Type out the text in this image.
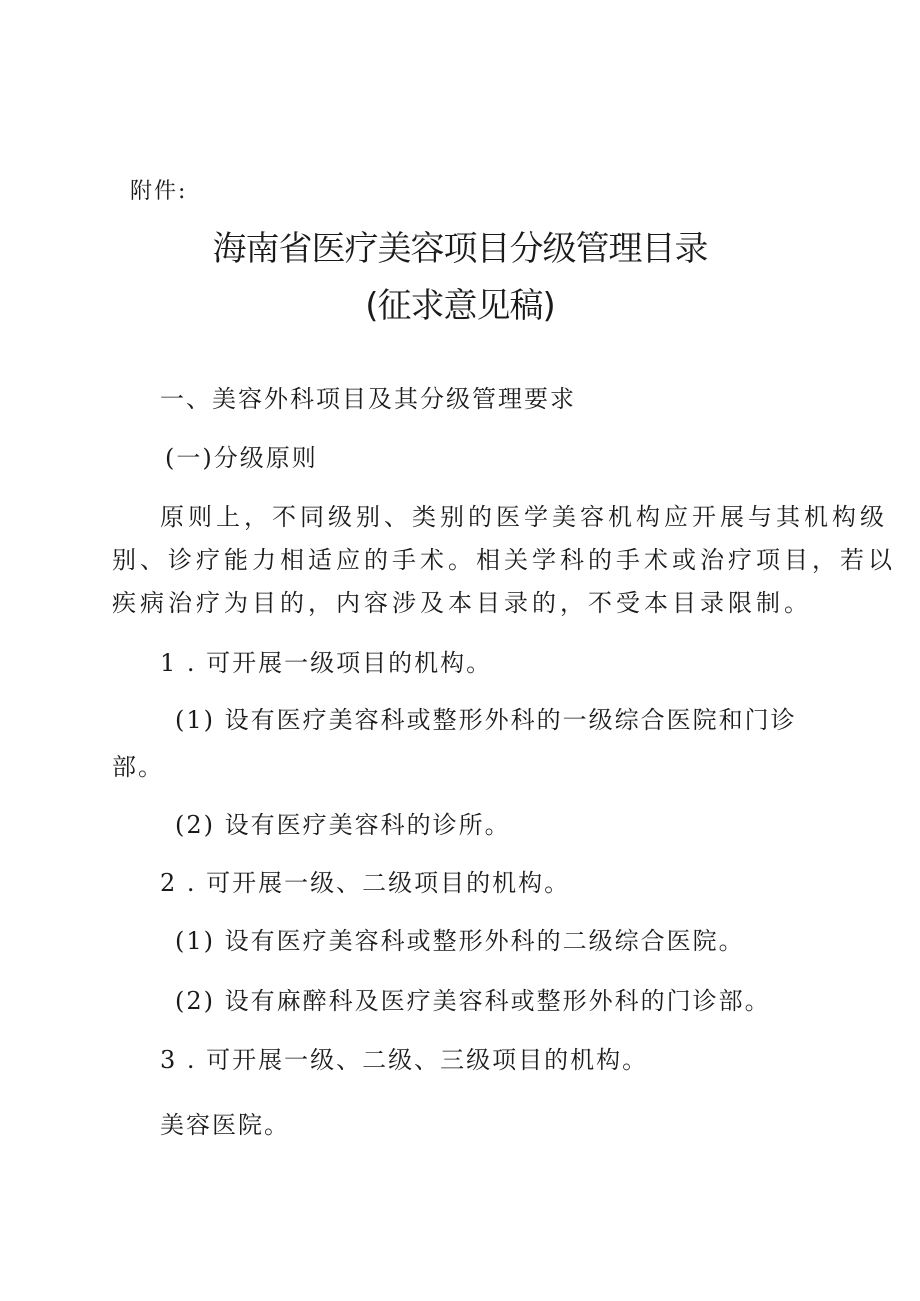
附件:
海南省医疗美容项目分级管理目录
(征求意见稿)
一、美容外科项目及其分级管理要求
(一)分级原则
原则上，不同级别、类别的医学美容机构应开展与其机构级
别、诊疗能力相适应的手术。相关学科的手术或治疗项目，若以
疾病治疗为目的，内容涉及本目录的，不受本目录限制。
1 . 可开展一级项目的机构。
(1) 设有医疗美容科或整形外科的一级综合医院和门诊
部。
(2) 设有医疗美容科的诊所。
2 . 可开展一级、二级项目的机构。
(1) 设有医疗美容科或整形外科的二级综合医院。
(2) 设有麻醉科及医疗美容科或整形外科的门诊部。
3 . 可开展一级、二级、三级项目的机构。
美容医院。
